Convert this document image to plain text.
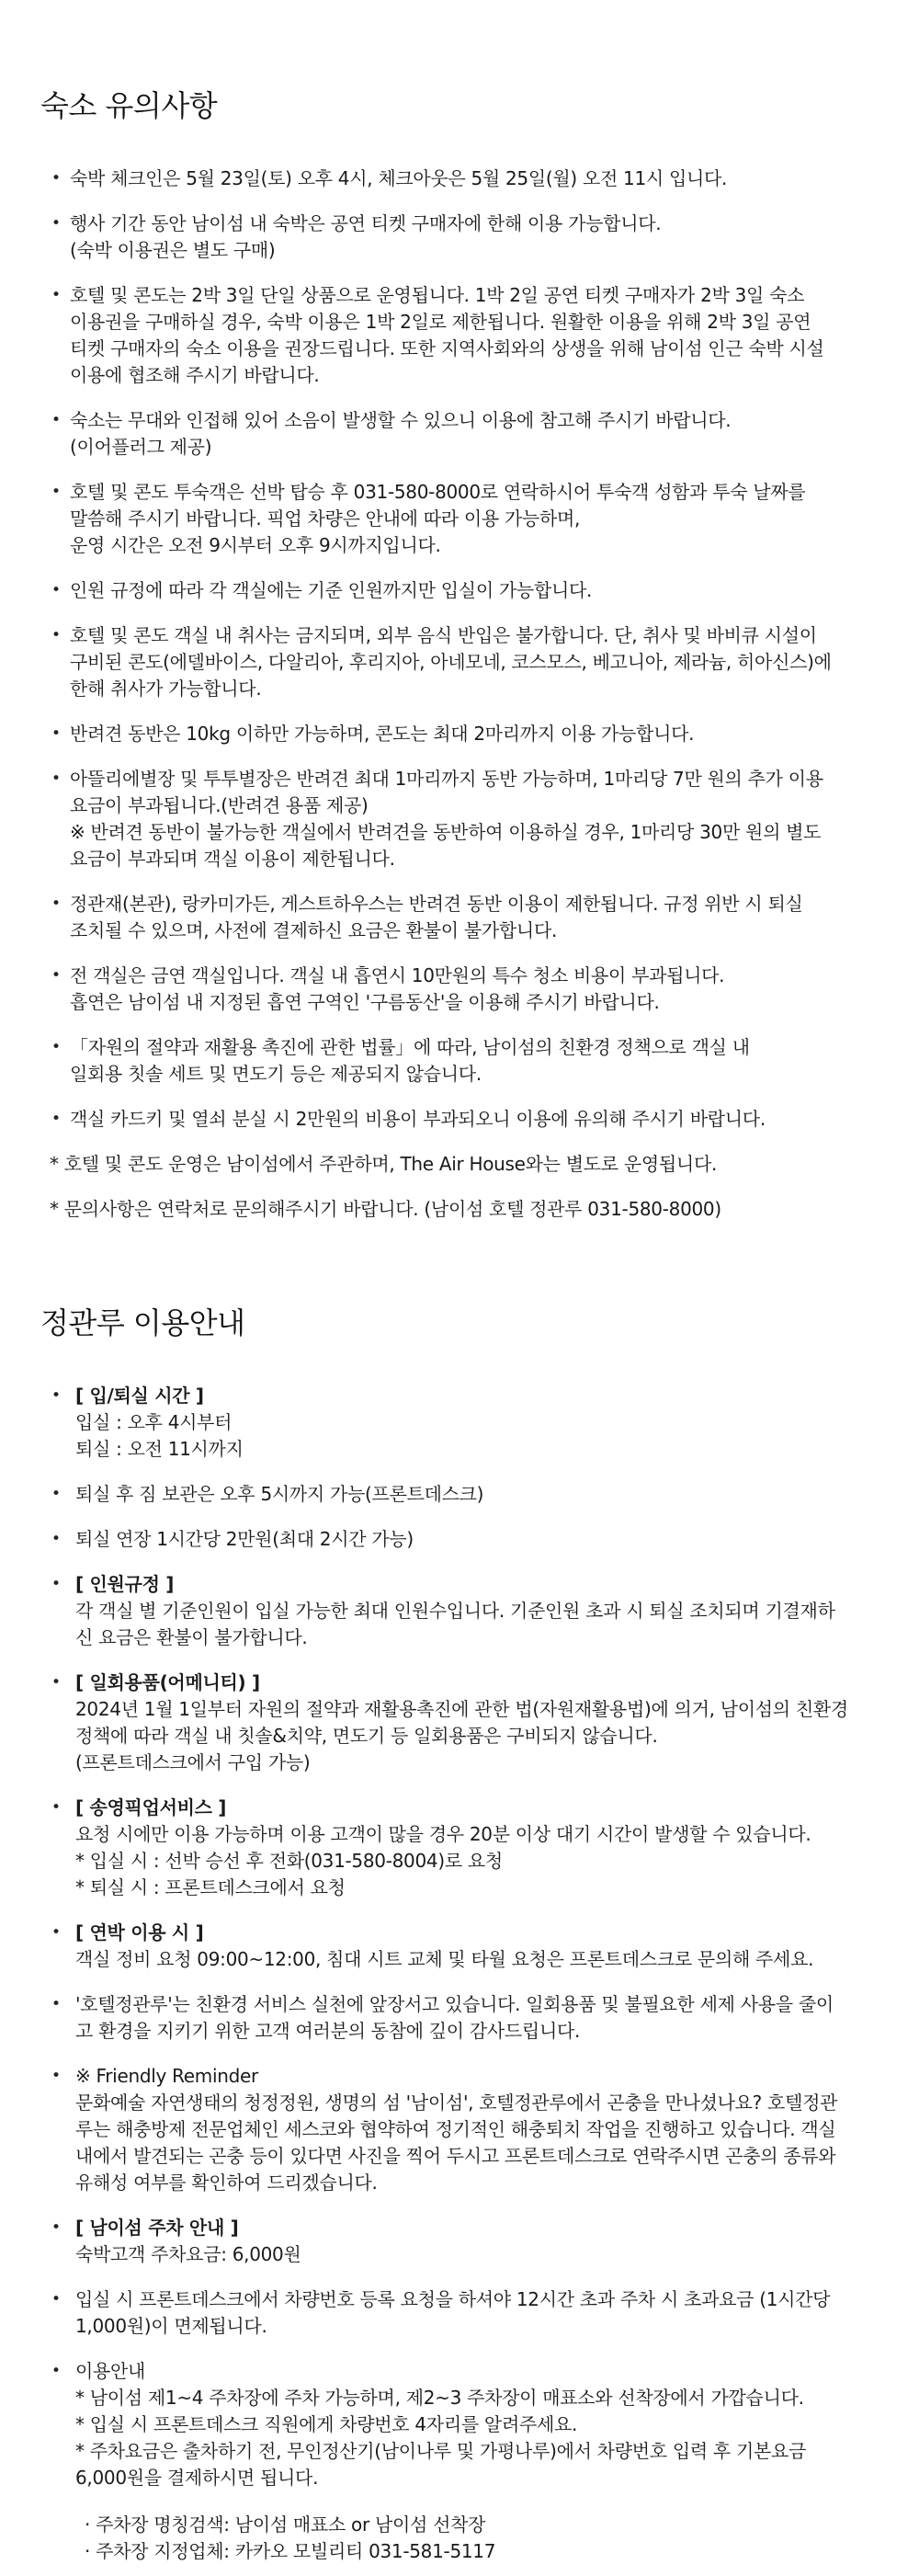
숙소 유의사항
• 숙박 체크인은 5월 23일(토) 오후 4시, 체크아웃은 5월 25일(월) 오전 11시 입니다.
• 행사 기간 동안 남이섬 내 숙박은 공연 티켓 구매자에 한해 이용 가능합니다.
(숙박 이용권은 별도 구매)
• 호텔 및 콘도는 2박 3일 단일 상품으로 운영됩니다. 1박 2일 공연 티켓 구매자가 2박 3일 숙소
이용권을 구매하실 경우, 숙박 이용은 1박 2일로 제한됩니다. 원활한 이용을 위해 2박 3일 공연
티켓 구매자의 숙소 이용을 권장드립니다. 또한 지역사회와의 상생을 위해 남이섬 인근 숙박 시설
이용에 협조해 주시기 바랍니다.
• 숙소는 무대와 인접해 있어 소음이 발생할 수 있으니 이용에 참고해 주시기 바랍니다.
(이어플러그 제공)
• 호텔 및 콘도 투숙객은 선박 탑승 후 031-580-8000로 연락하시어 투숙객 성함과 투숙 날짜를
말씀해 주시기 바랍니다. 픽업 차량은 안내에 따라 이용 가능하며,
운영 시간은 오전 9시부터 오후 9시까지입니다.
• 인원 규정에 따라 각 객실에는 기준 인원까지만 입실이 가능합니다.
• 호텔 및 콘도 객실 내 취사는 금지되며, 외부 음식 반입은 불가합니다. 단, 취사 및 바비큐 시설이
구비된 콘도(에델바이스, 다알리아, 후리지아, 아네모네, 코스모스, 베고니아, 제라늄, 히아신스)에
한해 취사가 가능합니다.
• 반려견 동반은 10kg 이하만 가능하며, 콘도는 최대 2마리까지 이용 가능합니다.
• 아뜰리에별장 및 투투별장은 반려견 최대 1마리까지 동반 가능하며, 1마리당 7만 원의 추가 이용
요금이 부과됩니다.(반려견 용품 제공)
※ 반려견 동반이 불가능한 객실에서 반려견을 동반하여 이용하실 경우, 1마리당 30만 원의 별도
요금이 부과되며 객실 이용이 제한됩니다.
• 정관재(본관), 랑카미가든, 게스트하우스는 반려견 동반 이용이 제한됩니다. 규정 위반 시 퇴실
조치될 수 있으며, 사전에 결제하신 요금은 환불이 불가합니다.
• 전 객실은 금연 객실입니다. 객실 내 흡연시 10만원의 특수 청소 비용이 부과됩니다.
흡연은 남이섬 내 지정된 흡연 구역인 '구름동산'을 이용해 주시기 바랍니다.
• 「자원의 절약과 재활용 촉진에 관한 법률」에 따라, 남이섬의 친환경 정책으로 객실 내
일회용 칫솔 세트 및 면도기 등은 제공되지 않습니다.
• 객실 카드키 및 열쇠 분실 시 2만원의 비용이 부과되오니 이용에 유의해 주시기 바랍니다.
* 호텔 및 콘도 운영은 남이섬에서 주관하며, The Air House와는 별도로 운영됩니다.
* 문의사항은 연락처로 문의해주시기 바랍니다. (남이섬 호텔 정관루 031-580-8000)
정관루 이용안내
• [ 입/퇴실 시간 ]
입실 : 오후 4시부터
퇴실 : 오전 11시까지
• 퇴실 후 짐 보관은 오후 5시까지 가능(프론트데스크)
• 퇴실 연장 1시간당 2만원(최대 2시간 가능)
• [ 인원규정 ]
각 객실 별 기준인원이 입실 가능한 최대 인원수입니다. 기준인원 초과 시 퇴실 조치되며 기결재하
신 요금은 환불이 불가합니다.
• [ 일회용품(어메니티) ]
2024년 1월 1일부터 자원의 절약과 재활용촉진에 관한 법(자원재활용법)에 의거, 남이섬의 친환경
정책에 따라 객실 내 칫솔&치약, 면도기 등 일회용품은 구비되지 않습니다.
(프론트데스크에서 구입 가능)
• [ 송영픽업서비스 ]
요청 시에만 이용 가능하며 이용 고객이 많을 경우 20분 이상 대기 시간이 발생할 수 있습니다.
* 입실 시 : 선박 승선 후 전화(031-580-8004)로 요청
* 퇴실 시 : 프론트데스크에서 요청
• [ 연박 이용 시 ]
객실 정비 요청 09:00~12:00, 침대 시트 교체 및 타월 요청은 프론트데스크로 문의해 주세요.
• '호텔정관루'는 친환경 서비스 실천에 앞장서고 있습니다. 일회용품 및 불필요한 세제 사용을 줄이
고 환경을 지키기 위한 고객 여러분의 동참에 깊이 감사드립니다.
• ※ Friendly Reminder
문화예술 자연생태의 청정정원, 생명의 섬 '남이섬', 호텔정관루에서 곤충을 만나셨나요? 호텔정관
루는 해충방제 전문업체인 세스코와 협약하여 정기적인 해충퇴치 작업을 진행하고 있습니다. 객실
내에서 발견되는 곤충 등이 있다면 사진을 찍어 두시고 프론트데스크로 연락주시면 곤충의 종류와
유해성 여부를 확인하여 드리겠습니다.
• [ 남이섬 주차 안내 ]
숙박고객 주차요금: 6,000원
• 입실 시 프론트데스크에서 차량번호 등록 요청을 하셔야 12시간 초과 주차 시 초과요금 (1시간당
1,000원)이 면제됩니다.
• 이용안내
* 남이섬 제1~4 주차장에 주차 가능하며, 제2~3 주차장이 매표소와 선착장에서 가깝습니다.
* 입실 시 프론트데스크 직원에게 차량번호 4자리를 알려주세요.
* 주차요금은 출차하기 전, 무인정산기(남이나루 및 가평나루)에서 차량번호 입력 후 기본요금
6,000원을 결제하시면 됩니다.
· 주차장 명칭검색: 남이섬 매표소 or 남이섬 선착장
· 주차장 지정업체: 카카오 모빌리티 031-581-5117
